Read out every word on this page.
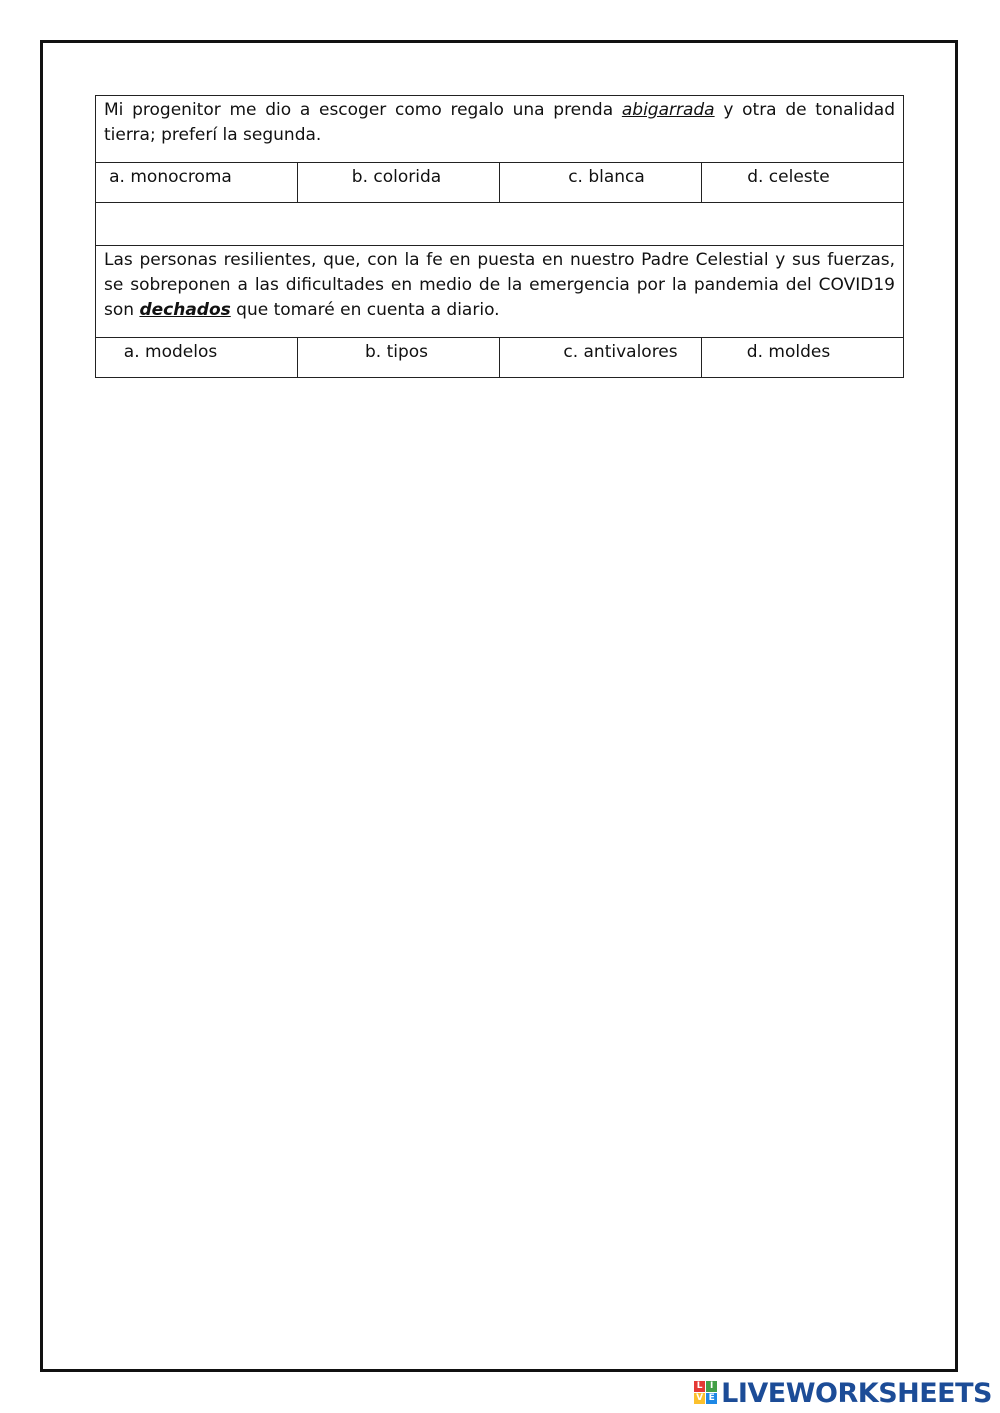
Mi progenitor me dio a escoger como regalo una prenda abigarrada y otra de tonalidad tierra; preferí la segunda.			

a. monocroma	b. colorida	c. blanca	d. celeste

Las personas resilientes, que, con la fe en puesta en nuestro Padre Celestial y sus fuerzas, se sobreponen a las dificultades en medio de la emergencia por la pandemia del COVID19 son dechados que tomaré en cuenta a diario.			

a. modelos	b. tipos	c. antivalores	d. moldes
L I
V E LIVEWORKSHEETS
